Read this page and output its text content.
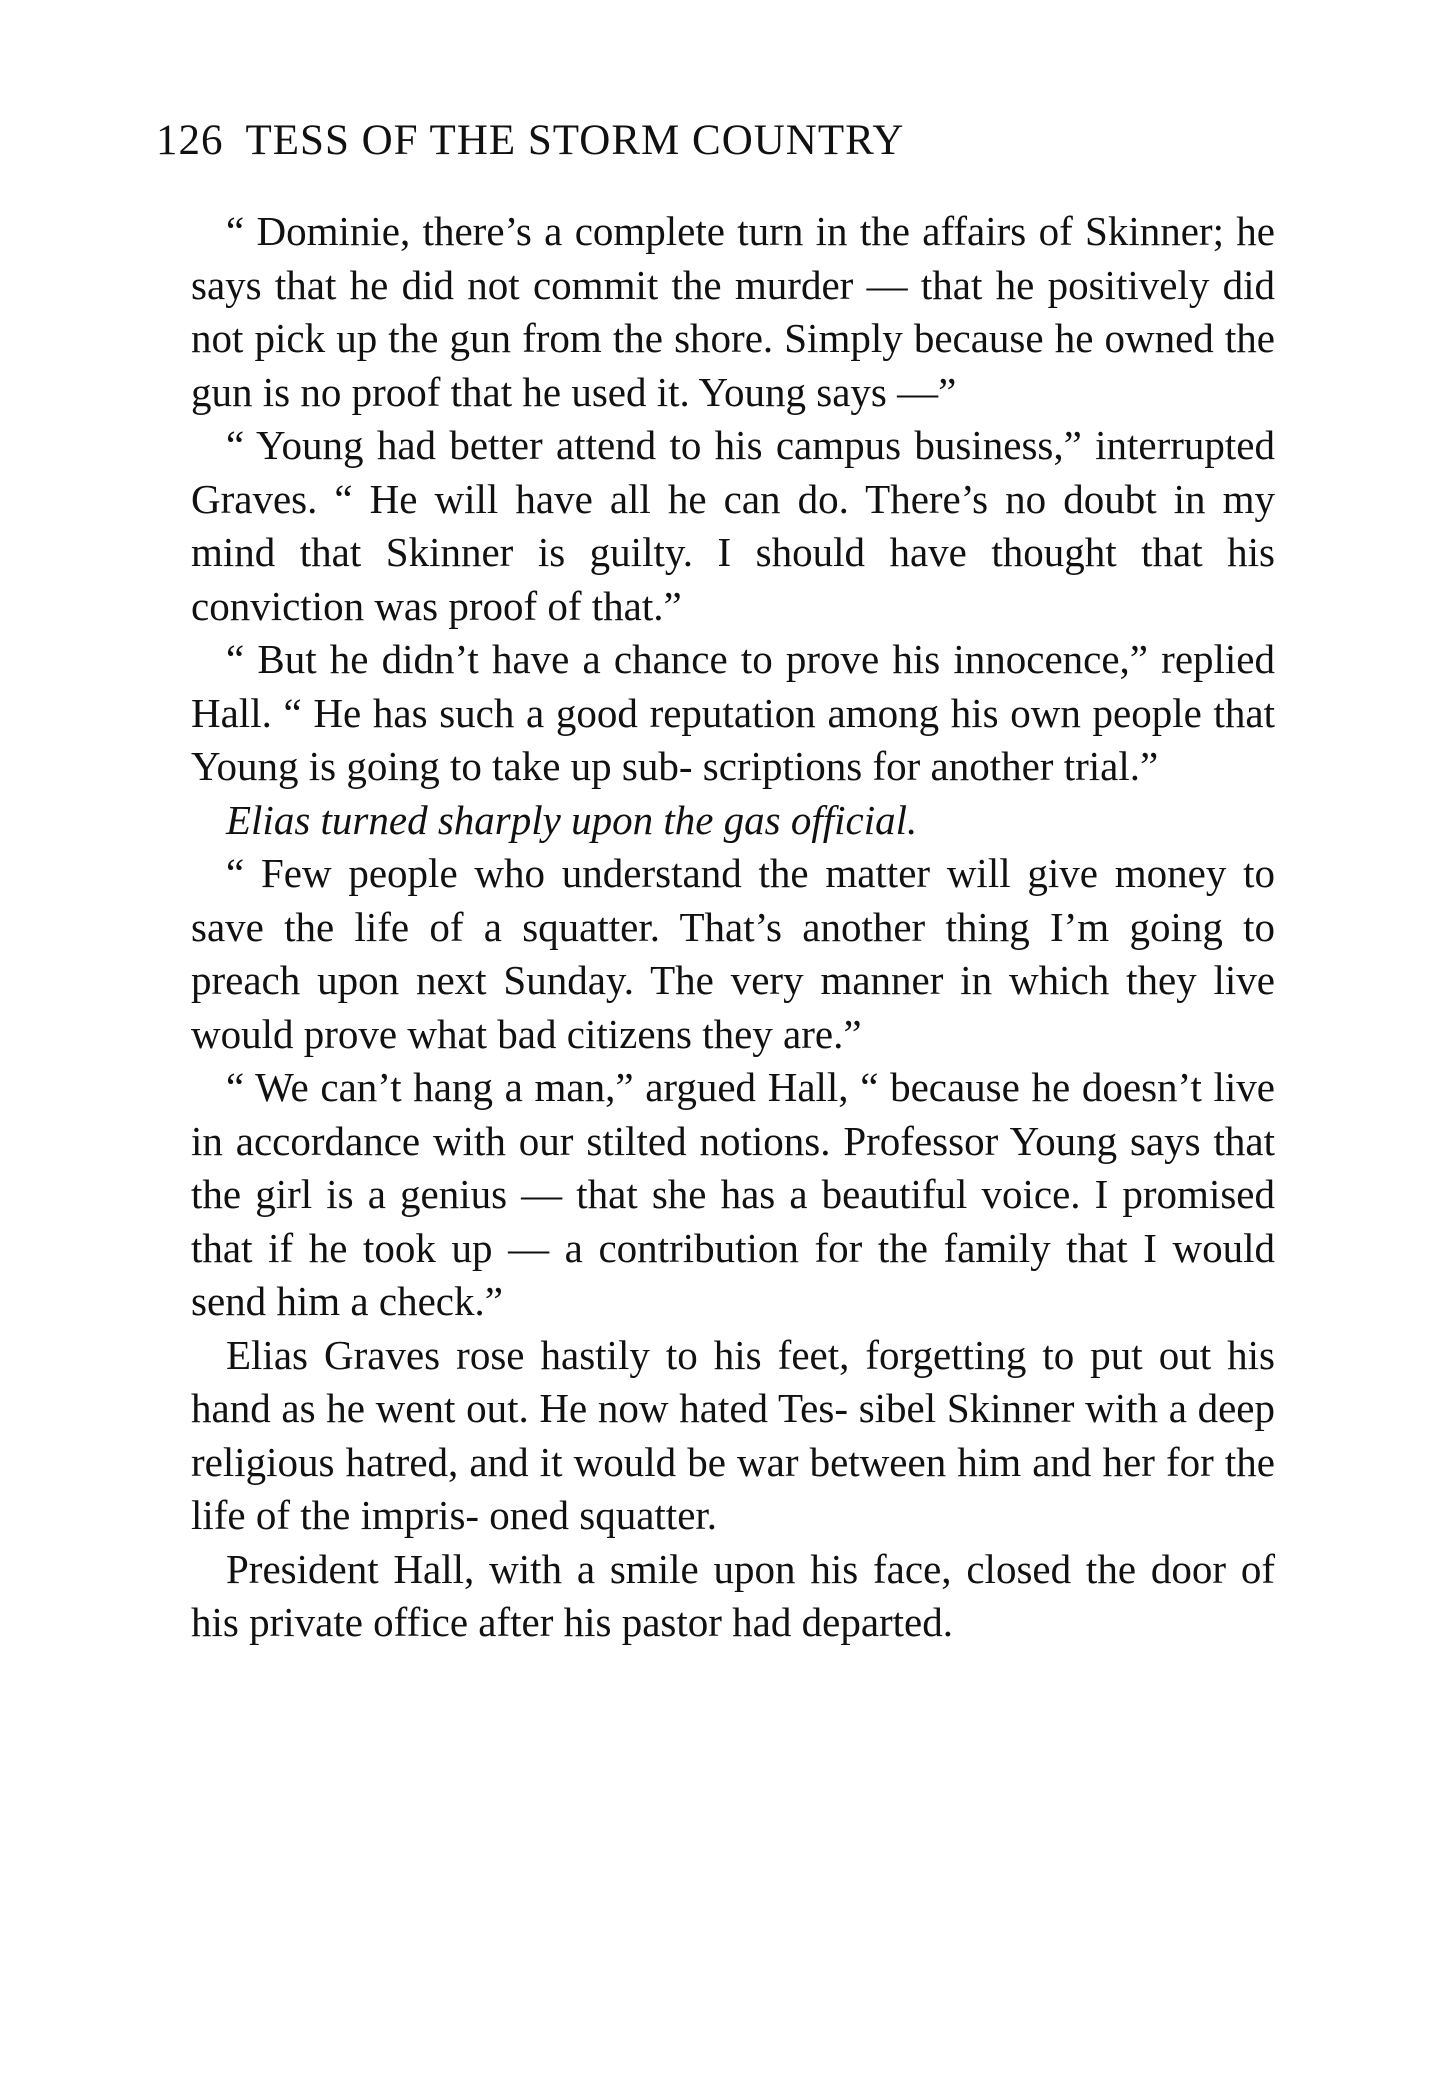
126 TESS OF THE STORM COUNTRY

“ Dominie, there’s a complete turn in the affairs of Skinner; he says that he did not commit the murder — that he positively did not pick up the gun from the shore. Simply because he owned the gun is no proof that he used it. Young says —”

“ Young had better attend to his campus business,” interrupted Graves. “ He will have all he can do. There’s no doubt in my mind that Skinner is guilty. I should have thought that his conviction was proof of that.”

“ But he didn’t have a chance to prove his innocence,” replied Hall. “ He has such a good reputation among his own people that Young is going to take up sub- scriptions for another trial.”

Elias turned sharply upon the gas official.

“ Few people who understand the matter will give money to save the life of a squatter. That’s another thing I’m going to preach upon next Sunday. The very manner in which they live would prove what bad citizens they are.”

“ We can’t hang a man,” argued Hall, “ because he doesn’t live in accordance with our stilted notions. Professor Young says that the girl is a genius — that she has a beautiful voice. I promised that if he took up — a contribution for the family that I would send him a check.”

Elias Graves rose hastily to his feet, forgetting to put out his hand as he went out. He now hated Tes- sibel Skinner with a deep religious hatred, and it would be war between him and her for the life of the impris- oned squatter.

President Hall, with a smile upon his face, closed the door of his private office after his pastor had departed.
